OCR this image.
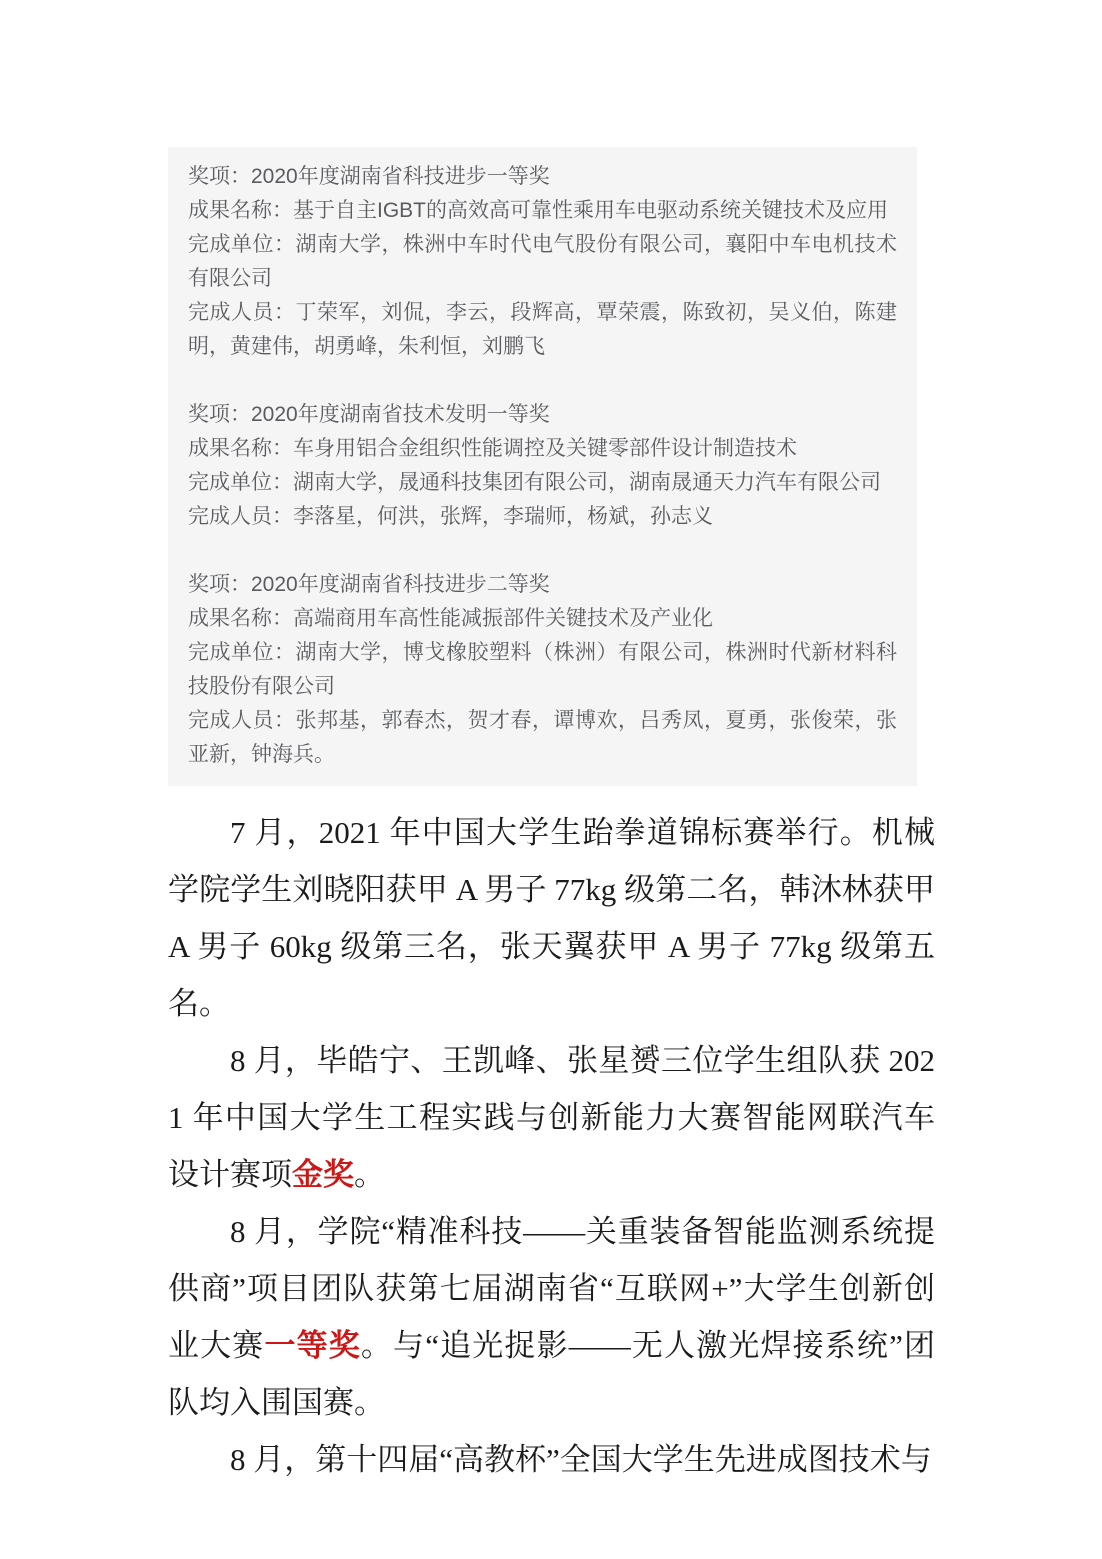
奖项：2020年度湖南省科技进步一等奖
成果名称：基于自主IGBT的高效高可靠性乘用车电驱动系统关键技术及应用
完成单位：湖南大学，株洲中车时代电气股份有限公司，襄阳中车电机技术有限公司
完成人员：丁荣军，刘侃，李云，段辉高，覃荣震，陈致初，吴义伯，陈建明，黄建伟，胡勇峰，朱利恒，刘鹏飞
奖项：2020年度湖南省技术发明一等奖
成果名称：车身用铝合金组织性能调控及关键零部件设计制造技术
完成单位：湖南大学，晟通科技集团有限公司，湖南晟通天力汽车有限公司
完成人员：李落星，何洪，张辉，李瑞师，杨斌，孙志义
奖项：2020年度湖南省科技进步二等奖
成果名称：高端商用车高性能减振部件关键技术及产业化
完成单位：湖南大学，博戈橡胶塑料（株洲）有限公司，株洲时代新材料科技股份有限公司
完成人员：张邦基，郭春杰，贺才春，谭博欢，吕秀凤，夏勇，张俊荣，张亚新，钟海兵。

7 月，2021 年中国大学生跆拳道锦标赛举行。机械学院学生刘晓阳获甲 A 男子 77kg 级第二名，韩沐林获甲 A 男子 60kg 级第三名，张天翼获甲 A 男子 77kg 级第五名。

8 月，毕皓宁、王凯峰、张星赟三位学生组队获 2021 年中国大学生工程实践与创新能力大赛智能网联汽车设计赛项金奖。

8 月，学院“精准科技——关重装备智能监测系统提供商”项目团队获第七届湖南省“互联网+”大学生创新创业大赛一等奖。与“追光捉影——无人激光焊接系统”团队均入围国赛。

8 月，第十四届“高教杯”全国大学生先进成图技术与
